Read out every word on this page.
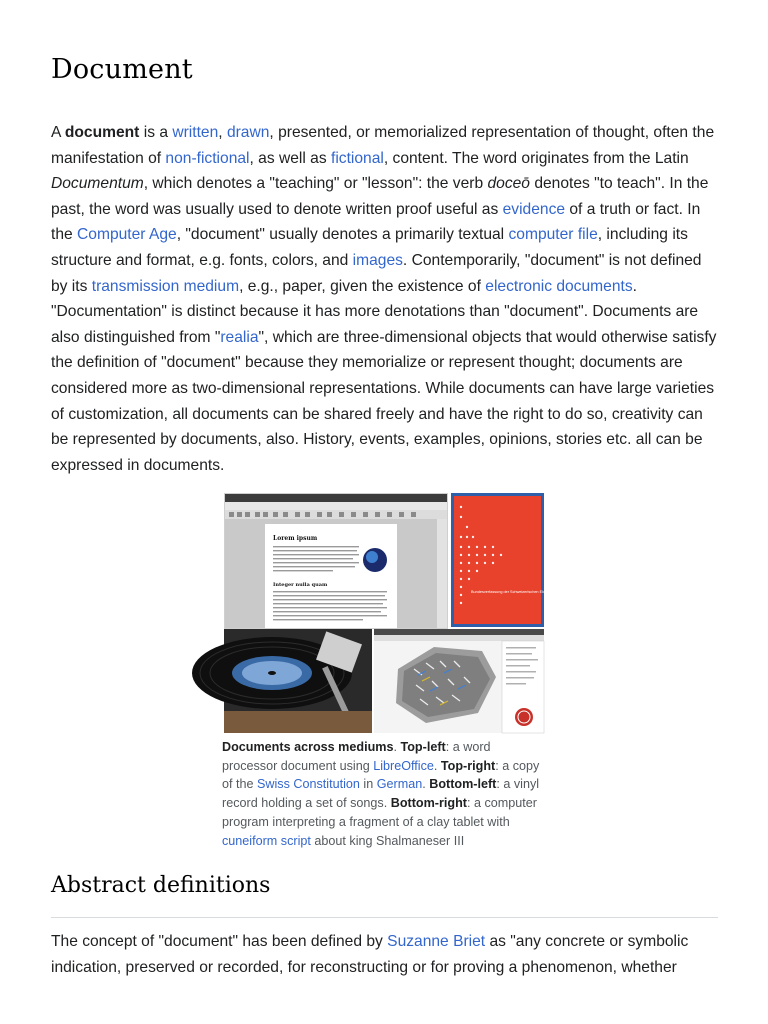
Document

A document is a written, drawn, presented, or memorialized representation of thought, often the manifestation of non-fictional, as well as fictional, content. The word originates from the Latin Documentum, which denotes a "teaching" or "lesson": the verb doceō denotes "to teach". In the past, the word was usually used to denote written proof useful as evidence of a truth or fact. In the Computer Age, "document" usually denotes a primarily textual computer file, including its structure and format, e.g. fonts, colors, and images. Contemporarily, "document" is not defined by its transmission medium, e.g., paper, given the existence of electronic documents. "Documentation" is distinct because it has more denotations than "document". Documents are also distinguished from "realia", which are three-dimensional objects that would otherwise satisfy the definition of "document" because they memorialize or represent thought; documents are considered more as two-dimensional representations. While documents can have large varieties of customization, all documents can be shared freely and have the right to do so, creativity can be represented by documents, also. History, events, examples, opinions, stories etc. all can be expressed in documents.

Lorem ipsum
Integer nulla quam
Bundesverfassung der Schweizerischen Eidgenossenschaft

Documents across mediums. Top-left: a word processor document using LibreOffice. Top-right: a copy of the Swiss Constitution in German. Bottom-left: a vinyl record holding a set of songs. Bottom-right: a computer program interpreting a fragment of a clay tablet with cuneiform script about king Shalmaneser III

Abstract definitions

The concept of "document" has been defined by Suzanne Briet as "any concrete or symbolic indication, preserved or recorded, for reconstructing or for proving a phenomenon, whether
